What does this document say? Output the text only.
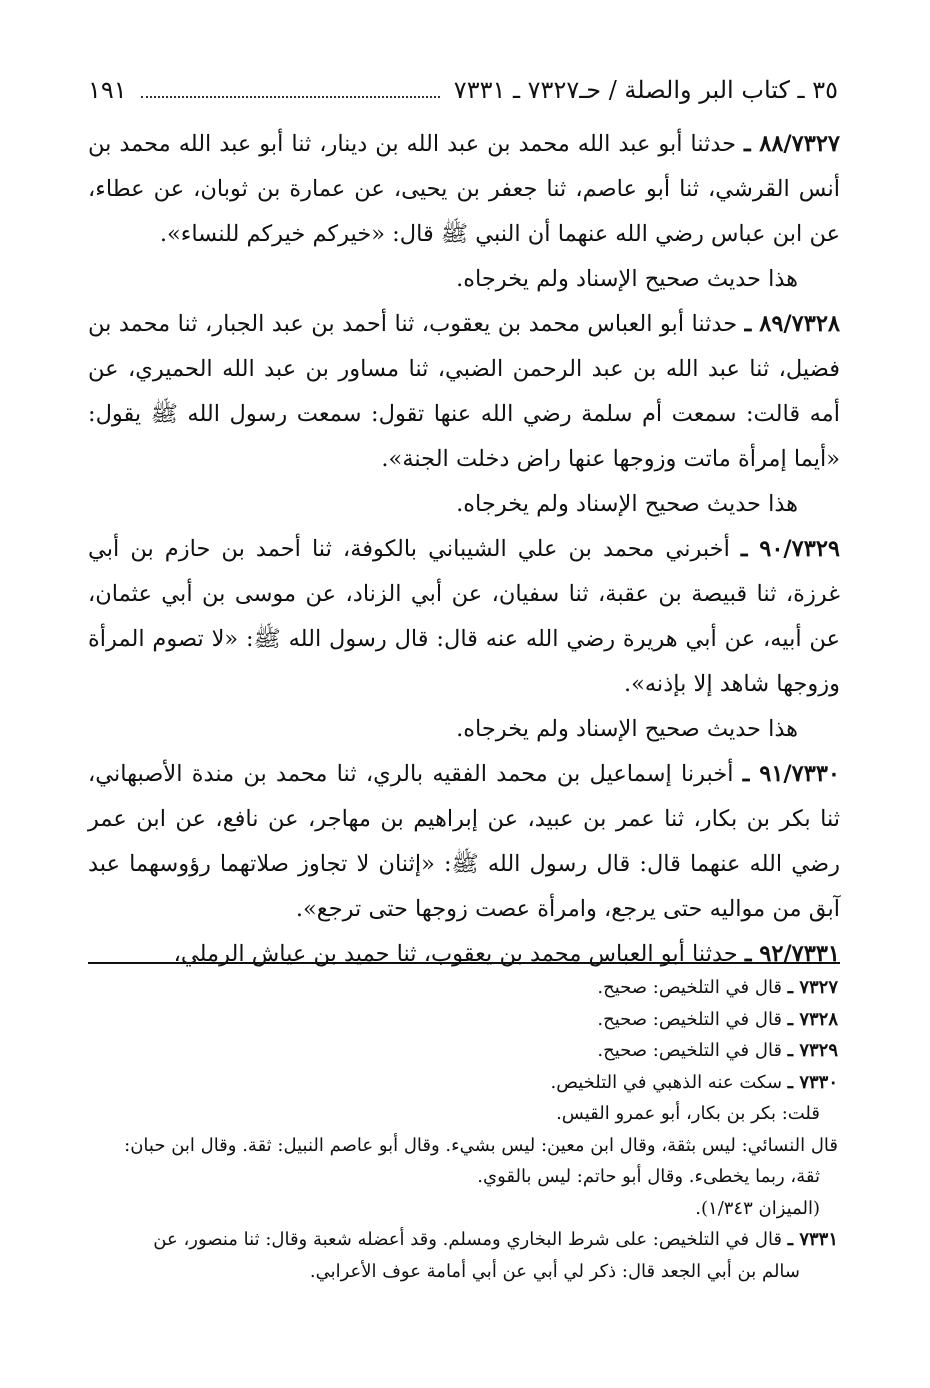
٣٥ ـ كتاب البر والصلة / حـ٧٣٢٧ ـ ٧٣٣١
١٩١

٨٨/٧٣٢٧ ـ حدثنا أبو عبد الله محمد بن عبد الله بن دينار، ثنا أبو عبد الله محمد بن أنس القرشي، ثنا أبو عاصم، ثنا جعفر بن يحيى، عن عمارة بن ثوبان، عن عطاء، عن ابن عباس رضي الله عنهما أن النبي ﷺ قال: «خيركم خيركم للنساء».

هذا حديث صحيح الإسناد ولم يخرجاه.

٨٩/٧٣٢٨ ـ حدثنا أبو العباس محمد بن يعقوب، ثنا أحمد بن عبد الجبار، ثنا محمد بن فضيل، ثنا عبد الله بن عبد الرحمن الضبي، ثنا مساور بن عبد الله الحميري، عن أمه قالت: سمعت أم سلمة رضي الله عنها تقول: سمعت رسول الله ﷺ يقول: «أيما إمرأة ماتت وزوجها عنها راض دخلت الجنة».

هذا حديث صحيح الإسناد ولم يخرجاه.

٩٠/٧٣٢٩ ـ أخبرني محمد بن علي الشيباني بالكوفة، ثنا أحمد بن حازم بن أبي غرزة، ثنا قبيصة بن عقبة، ثنا سفيان، عن أبي الزناد، عن موسى بن أبي عثمان، عن أبيه، عن أبي هريرة رضي الله عنه قال: قال رسول الله ﷺ: «لا تصوم المرأة وزوجها شاهد إلا بإذنه».

هذا حديث صحيح الإسناد ولم يخرجاه.

٩١/٧٣٣٠ ـ أخبرنا إسماعيل بن محمد الفقيه بالري، ثنا محمد بن مندة الأصبهاني، ثنا بكر بن بكار، ثنا عمر بن عبيد، عن إبراهيم بن مهاجر، عن نافع، عن ابن عمر رضي الله عنهما قال: قال رسول الله ﷺ: «إثنان لا تجاوز صلاتهما رؤوسهما عبد آبق من مواليه حتى يرجع، وامرأة عصت زوجها حتى ترجع».

٩٢/٧٣٣١ ـ حدثنا أبو العباس محمد بن يعقوب، ثنا حميد بن عياش الرملي،

٧٣٢٧ ـ قال في التلخيص: صحيح.

٧٣٢٨ ـ قال في التلخيص: صحيح.

٧٣٢٩ ـ قال في التلخيص: صحيح.

٧٣٣٠ ـ سكت عنه الذهبي في التلخيص.

قلت: بكر بن بكار، أبو عمرو القيس.

قال النسائي: ليس بثقة، وقال ابن معين: ليس بشيء. وقال أبو عاصم النبيل: ثقة. وقال ابن حبان:

ثقة، ربما يخطىء. وقال أبو حاتم: ليس بالقوي.

(الميزان ١/٣٤٣).

٧٣٣١ ـ قال في التلخيص: على شرط البخاري ومسلم. وقد أعضله شعبة وقال: ثنا منصور، عن

سالم بن أبي الجعد قال: ذكر لي أبي عن أبي أمامة عوف الأعرابي.
